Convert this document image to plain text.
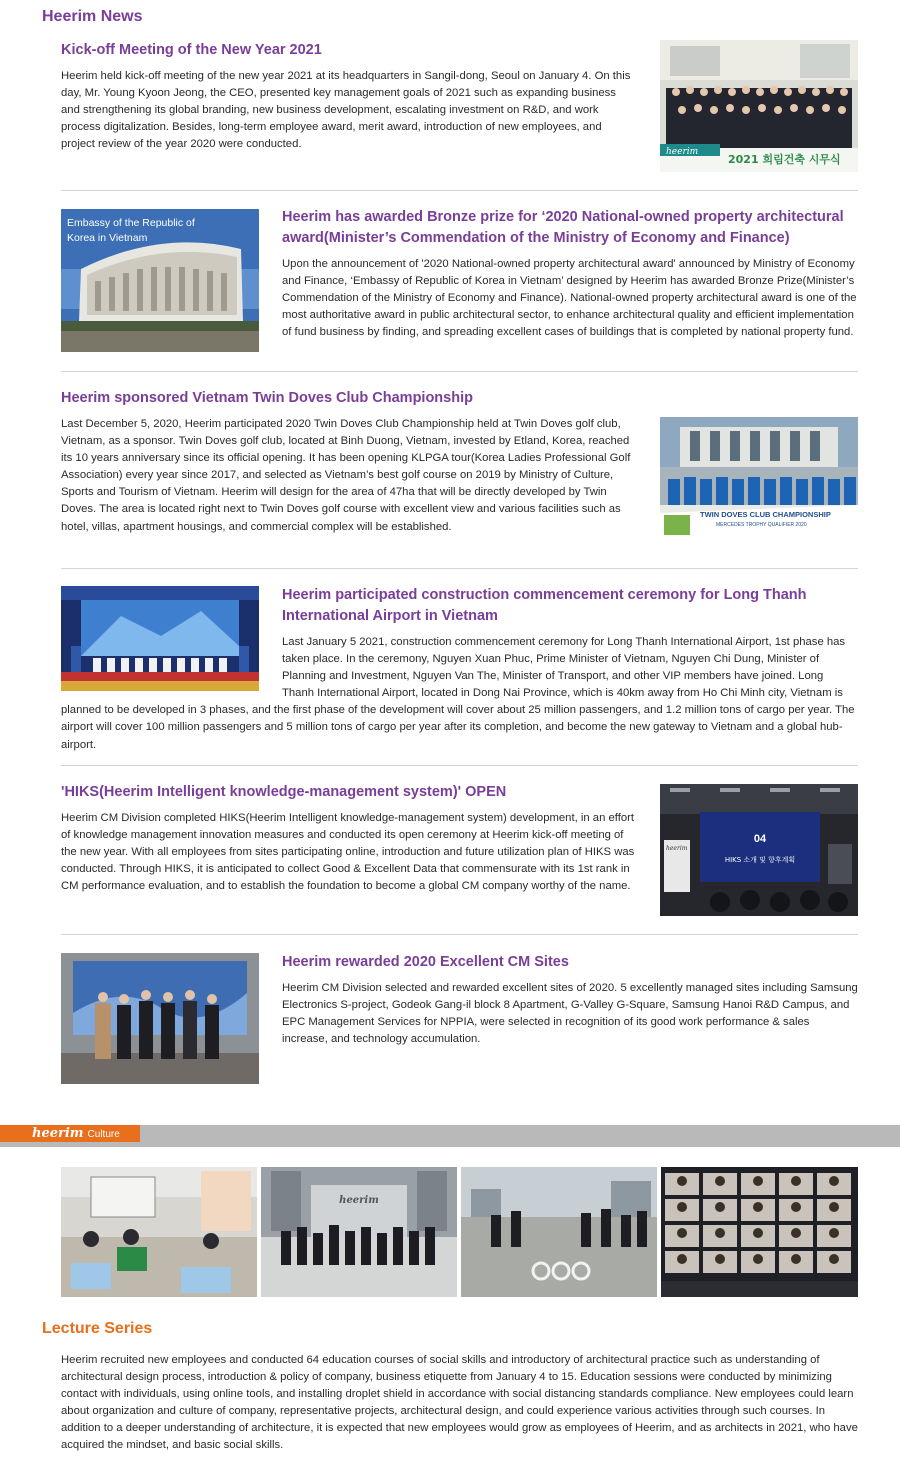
Heerim News
heerim
2021 희림건축 시무식
Kick-off Meeting of the New Year 2021
Heerim held kick-off meeting of the new year 2021 at its headquarters in Sangil-dong, Seoul on January 4. On this day, Mr. Young Kyoon Jeong, the CEO, presented key management goals of 2021 such as expanding business and strengthening its global branding, new business development, escalating investment on R&D, and work process digitalization. Besides, long-term employee award, merit award, introduction of new employees, and project review of the year 2020 were conducted.
Embassy of the Republic of
Korea in Vietnam
Heerim has awarded Bronze prize for ‘2020 National-owned property architectural award(Minister’s Commendation of the Ministry of Economy and Finance)
Upon the announcement of '2020 National-owned property architectural award' announced by Ministry of Economy and Finance, ‘Embassy of Republic of Korea in Vietnam’ designed by Heerim has awarded Bronze Prize(Minister’s Commendation of the Ministry of Economy and Finance). National-owned property architectural award is one of the most authoritative award in public architectural sector, to enhance architectural quality and efficient implementation of fund business by finding, and spreading excellent cases of buildings that is completed by national property fund.
TWIN DOVES CLUB CHAMPIONSHIP
MERCEDES TROPHY QUALIFIER 2020
Heerim sponsored Vietnam Twin Doves Club Championship
Last December 5, 2020, Heerim participated 2020 Twin Doves Club Championship held at Twin Doves golf club, Vietnam, as a sponsor. Twin Doves golf club, located at Binh Duong, Vietnam, invested by Etland, Korea, reached its 10 years anniversary since its official opening. It has been opening KLPGA tour(Korea Ladies Professional Golf Association) every year since 2017, and selected as Vietnam’s best golf course on 2019 by Ministry of Culture, Sports and Tourism of Vietnam. Heerim will design for the area of 47ha that will be directly developed by Twin Doves. The area is located right next to Twin Doves golf course with excellent view and various facilities such as hotel, villas, apartment housings, and commercial complex will be established.
Heerim participated construction commencement ceremony for Long Thanh International Airport in Vietnam
Last January 5 2021, construction commencement ceremony for Long Thanh International Airport, 1st phase has taken place. In the ceremony, Nguyen Xuan Phuc, Prime Minister of Vietnam, Nguyen Chi Dung, Minister of Planning and Investment, Nguyen Van The, Minister of Transport, and other VIP members have joined. Long Thanh International Airport, located in Dong Nai Province, which is 40km away from Ho Chi Minh city, Vietnam is planned to be developed in 3 phases, and the first phase of the development will cover about 25 million passengers, and 1.2 million tons of cargo per year. The airport will cover 100 million passengers and 5 million tons of cargo per year after its completion, and become the new gateway to Vietnam and a global hub-airport.
04
HIKS 소개 및 향후계획
heerim
'HIKS(Heerim Intelligent knowledge-management system)' OPEN
Heerim CM Division completed HIKS(Heerim Intelligent knowledge-management system) development, in an effort of knowledge management innovation measures and conducted its open ceremony at Heerim kick-off meeting of the new year. With all employees from sites participating online, introduction and future utilization plan of HIKS was conducted. Through HIKS, it is anticipated to collect Good & Excellent Data that commensurate with its 1st rank in CM performance evaluation, and to establish the foundation to become a global CM company worthy of the name.
Heerim rewarded 2020 Excellent CM Sites
Heerim CM Division selected and rewarded excellent sites of 2020. 5 excellently managed sites including Samsung Electronics S-project, Godeok Gang-il block 8 Apartment, G-Valley G-Square, Samsung Hanoi R&D Campus, and EPC Management Services for NPPIA, were selected in recognition of its good work performance & sales increase, and technology accumulation.
heerim Culture
heerim
Lecture Series
Heerim recruited new employees and conducted 64 education courses of social skills and introductory of architectural practice such as understanding of architectural design process, introduction & policy of company, business etiquette from January 4 to 15. Education sessions were conducted by minimizing contact with individuals, using online tools, and installing droplet shield in accordance with social distancing standards compliance. New employees could learn about organization and culture of company, representative projects, architectural design, and could experience various activities through such courses. In addition to a deeper understanding of architecture, it is expected that new employees would grow as employees of Heerim, and as architects in 2021, who have acquired the mindset, and basic social skills.
